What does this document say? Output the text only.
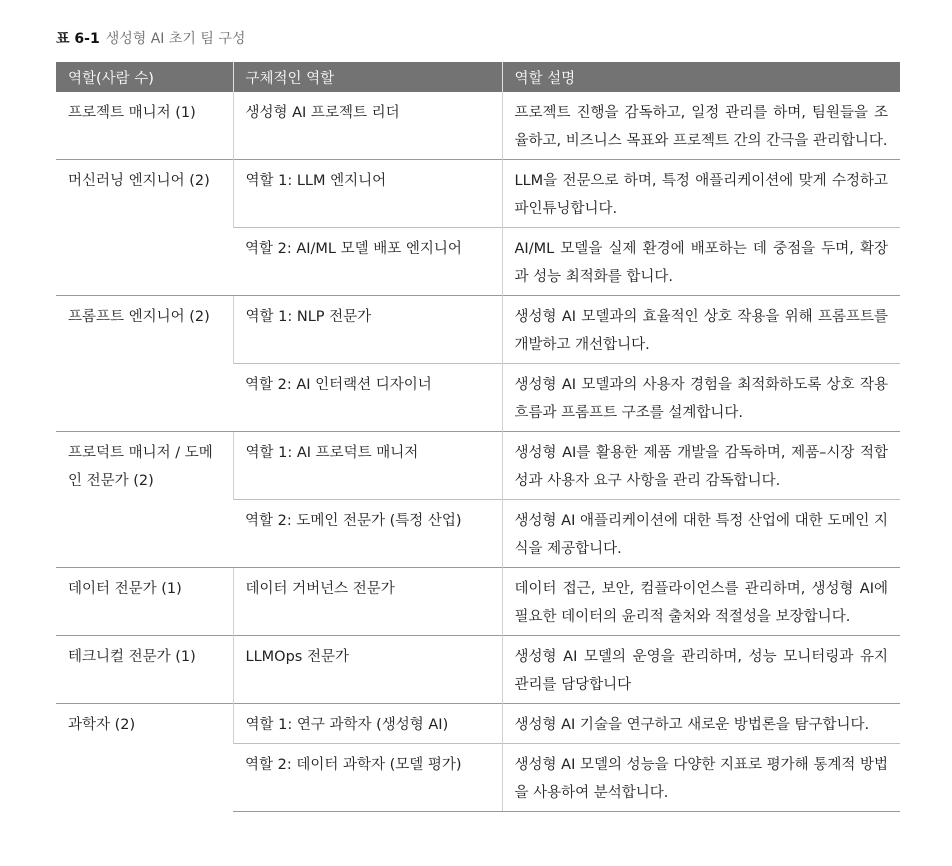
표 6-1 생성형 AI 초기 팀 구성
역할(사람 수)	구체적인 역할	역할 설명
프로젝트 매니저 (1)	생성형 AI 프로젝트 리더	프로젝트 진행을 감독하고, 일정 관리를 하며, 팀원들을 조율하고, 비즈니스 목표와 프로젝트 간의 간극을 관리합니다.
머신러닝 엔지니어 (2)	역할 1: LLM 엔지니어	LLM을 전문으로 하며, 특정 애플리케이션에 맞게 수정하고 파인튜닝합니다.
	역할 2: AI/ML 모델 배포 엔지니어	AI/ML 모델을 실제 환경에 배포하는 데 중점을 두며, 확장과 성능 최적화를 합니다.
프롬프트 엔지니어 (2)	역할 1: NLP 전문가	생성형 AI 모델과의 효율적인 상호 작용을 위해 프롬프트를 개발하고 개선합니다.
	역할 2: AI 인터랙션 디자이너	생성형 AI 모델과의 사용자 경험을 최적화하도록 상호 작용 흐름과 프롬프트 구조를 설계합니다.
프로덕트 매니저 / 도메인 전문가 (2)	역할 1: AI 프로덕트 매니저	생성형 AI를 활용한 제품 개발을 감독하며, 제품–시장 적합성과 사용자 요구 사항을 관리 감독합니다.
	역할 2: 도메인 전문가 (특정 산업)	생성형 AI 애플리케이션에 대한 특정 산업에 대한 도메인 지식을 제공합니다.
데이터 전문가 (1)	데이터 거버넌스 전문가	데이터 접근, 보안, 컴플라이언스를 관리하며, 생성형 AI에 필요한 데이터의 윤리적 출처와 적절성을 보장합니다.
테크니컬 전문가 (1)	LLMOps 전문가	생성형 AI 모델의 운영을 관리하며, 성능 모니터링과 유지 관리를 담당합니다
과학자 (2)	역할 1: 연구 과학자 (생성형 AI)	생성형 AI 기술을 연구하고 새로운 방법론을 탐구합니다.
	역할 2: 데이터 과학자 (모델 평가)	생성형 AI 모델의 성능을 다양한 지표로 평가해 통계적 방법을 사용하여 분석합니다.
